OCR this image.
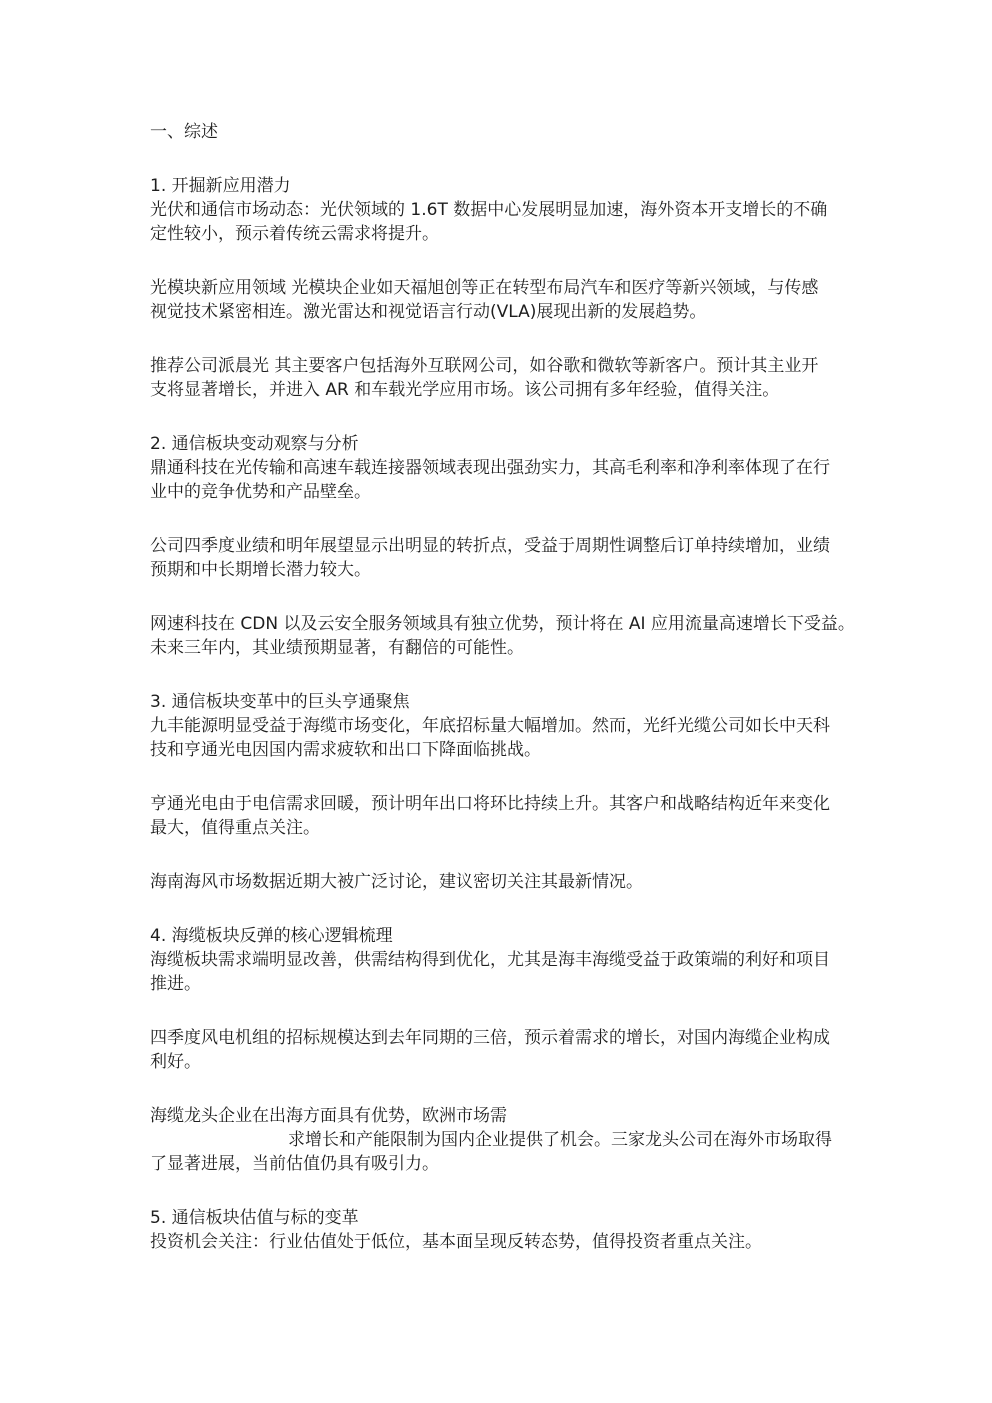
一、综述
1. 开掘新应用潜力
光伏和通信市场动态：光伏领域的 1.6T 数据中心发展明显加速，海外资本开支增长的不确
定性较小，预示着传统云需求将提升。
光模块新应用领域 光模块企业如天福旭创等正在转型布局汽车和医疗等新兴领域，与传感
视觉技术紧密相连。激光雷达和视觉语言行动(VLA)展现出新的发展趋势。
推荐公司派晨光 其主要客户包括海外互联网公司，如谷歌和微软等新客户。预计其主业开
支将显著增长，并进入 AR 和车载光学应用市场。该公司拥有多年经验，值得关注。
2. 通信板块变动观察与分析
鼎通科技在光传输和高速车载连接器领域表现出强劲实力，其高毛利率和净利率体现了在行
业中的竞争优势和产品壁垒。
公司四季度业绩和明年展望显示出明显的转折点，受益于周期性调整后订单持续增加，业绩
预期和中长期增长潜力较大。
网速科技在 CDN 以及云安全服务领域具有独立优势，预计将在 AI 应用流量高速增长下受益。
未来三年内，其业绩预期显著，有翻倍的可能性。
3. 通信板块变革中的巨头亨通聚焦
九丰能源明显受益于海缆市场变化，年底招标量大幅增加。然而，光纤光缆公司如长中天科
技和亨通光电因国内需求疲软和出口下降面临挑战。
亨通光电由于电信需求回暖，预计明年出口将环比持续上升。其客户和战略结构近年来变化
最大，值得重点关注。
海南海风市场数据近期大被广泛讨论，建议密切关注其最新情况。
4. 海缆板块反弹的核心逻辑梳理
海缆板块需求端明显改善，供需结构得到优化，尤其是海丰海缆受益于政策端的利好和项目
推进。
四季度风电机组的招标规模达到去年同期的三倍，预示着需求的增长，对国内海缆企业构成
利好。
海缆龙头企业在出海方面具有优势，欧洲市场需
求增长和产能限制为国内企业提供了机会。三家龙头公司在海外市场取得
了显著进展，当前估值仍具有吸引力。
5. 通信板块估值与标的变革
投资机会关注：行业估值处于低位，基本面呈现反转态势，值得投资者重点关注。
